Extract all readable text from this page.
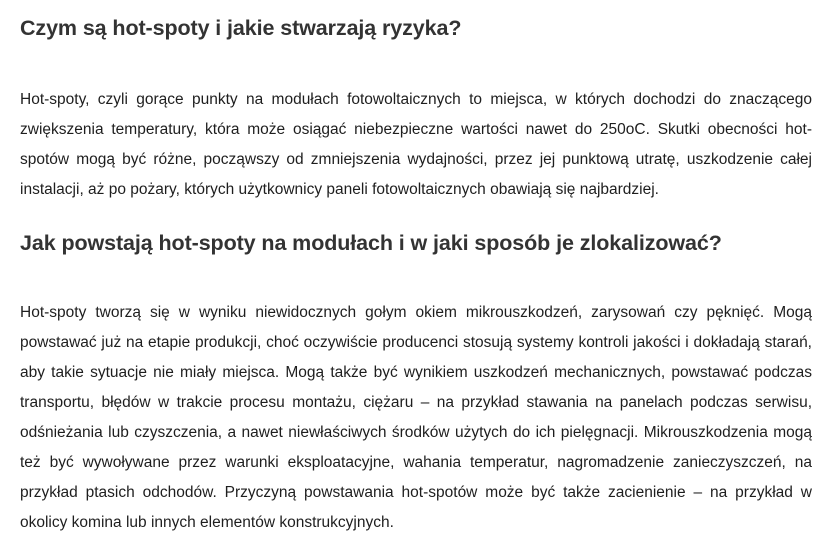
Czym są hot-spoty i jakie stwarzają ryzyka?

Hot-spoty, czyli gorące punkty na modułach fotowoltaicznych to miejsca, w których dochodzi do znaczącego zwiększenia temperatury, która może osiągać niebezpieczne wartości nawet do 250oC. Skutki obecności hot-spotów mogą być różne, począwszy od zmniejszenia wydajności, przez jej punktową utratę, uszkodzenie całej instalacji, aż po pożary, których użytkownicy paneli fotowoltaicznych obawiają się najbardziej.

Jak powstają hot-spoty na modułach i w jaki sposób je zlokalizować?

Hot-spoty tworzą się w wyniku niewidocznych gołym okiem mikrouszkodzeń, zarysowań czy pęknięć. Mogą powstawać już na etapie produkcji, choć oczywiście producenci stosują systemy kontroli jakości i dokładają starań, aby takie sytuacje nie miały miejsca. Mogą także być wynikiem uszkodzeń mechanicznych, powstawać podczas transportu, błędów w trakcie procesu montażu, ciężaru – na przykład stawania na panelach podczas serwisu, odśnieżania lub czyszczenia, a nawet niewłaściwych środków użytych do ich pielęgnacji. Mikrouszkodzenia mogą też być wywoływane przez warunki eksploatacyjne, wahania temperatur, nagromadzenie zanieczyszczeń, na przykład ptasich odchodów. Przyczyną powstawania hot-spotów może być także zacienienie – na przykład w okolicy komina lub innych elementów konstrukcyjnych.
